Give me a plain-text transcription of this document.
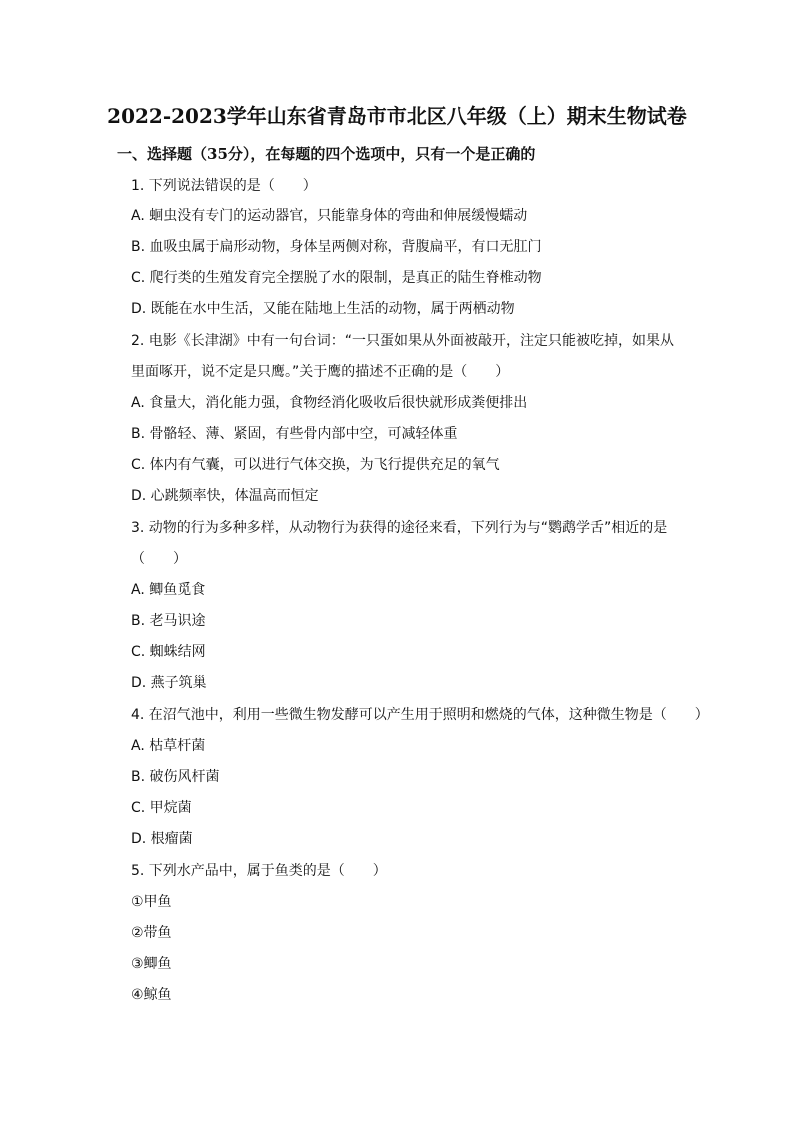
2022-2023学年山东省青岛市市北区八年级（上）期末生物试卷
一、选择题（35分），在每题的四个选项中，只有一个是正确的
1. 下列说法错误的是（　　）
A. 蛔虫没有专门的运动器官，只能靠身体的弯曲和伸展缓慢蠕动
B. 血吸虫属于扁形动物，身体呈两侧对称，背腹扁平，有口无肛门
C. 爬行类的生殖发育完全摆脱了水的限制，是真正的陆生脊椎动物
D. 既能在水中生活，又能在陆地上生活的动物，属于两栖动物
2. 电影《长津湖》中有一句台词：“一只蛋如果从外面被敲开，注定只能被吃掉，如果从
里面啄开，说不定是只鹰。”关于鹰的描述不正确的是（　　）
A. 食量大，消化能力强，食物经消化吸收后很快就形成粪便排出
B. 骨骼轻、薄、紧固，有些骨内部中空，可减轻体重
C. 体内有气囊，可以进行气体交换，为飞行提供充足的氧气
D. 心跳频率快，体温高而恒定
3. 动物的行为多种多样，从动物行为获得的途径来看，下列行为与“鹦鹉学舌”相近的是
（　　）
A. 鲫鱼觅食
B. 老马识途
C. 蜘蛛结网
D. 燕子筑巢
4. 在沼气池中，利用一些微生物发酵可以产生用于照明和燃烧的气体，这种微生物是（　　）
A. 枯草杆菌
B. 破伤风杆菌
C. 甲烷菌
D. 根瘤菌
5. 下列水产品中，属于鱼类的是（　　）
①甲鱼
②带鱼
③鲫鱼
④鲸鱼
